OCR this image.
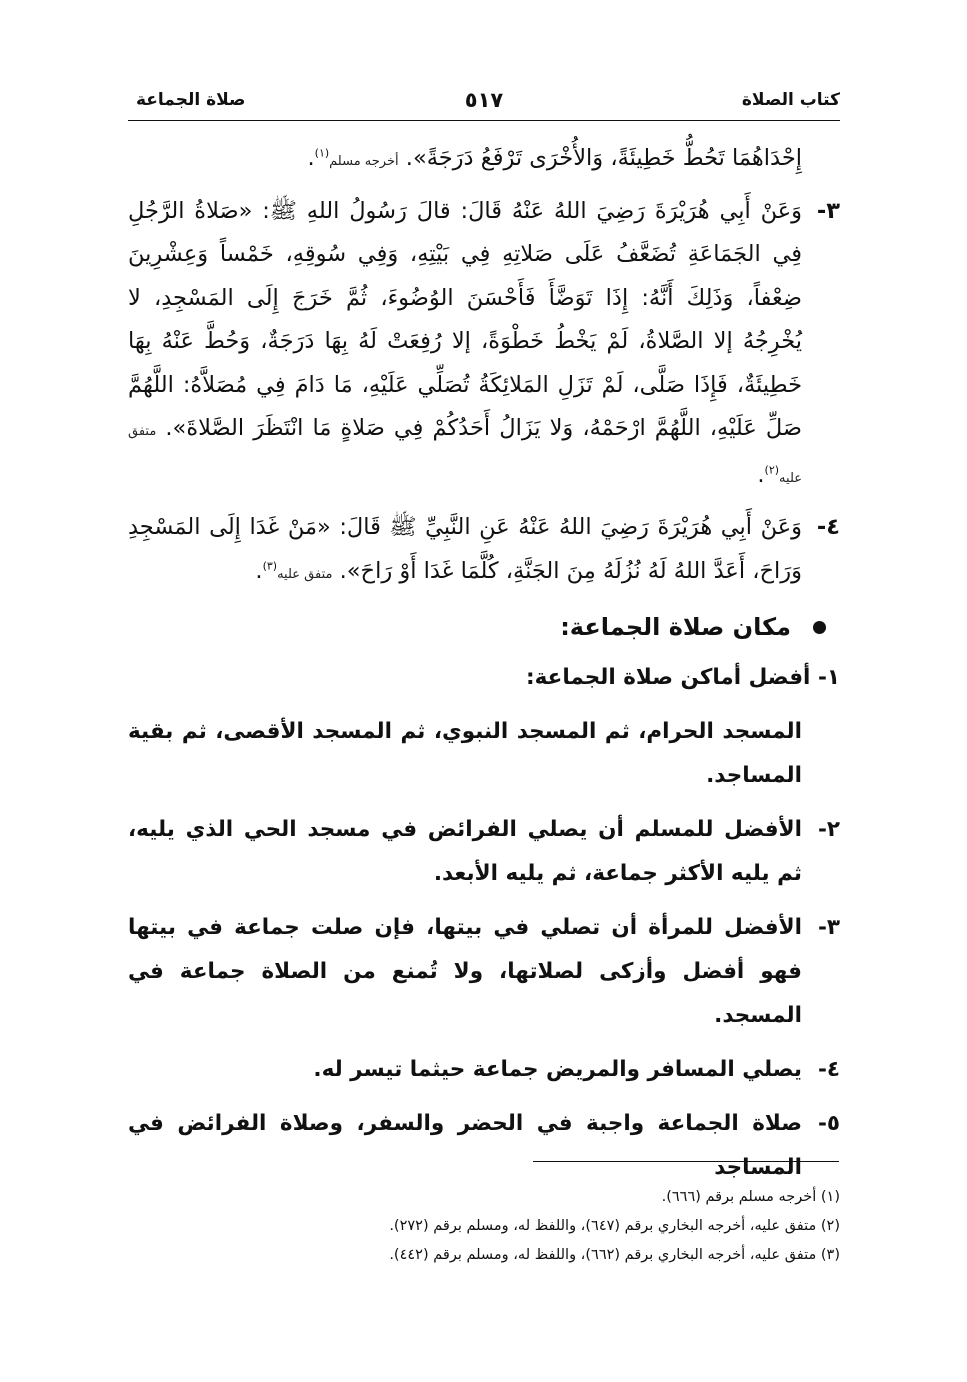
كتاب الصلاة
٥١٧
صلاة الجماعة

إِحْدَاهُمَا تَحُطُّ خَطِيئَةً، وَالأُخْرَى تَرْفَعُ دَرَجَةً». أخرجه مسلم$^{(١)}$.

٣-
وَعَنْ أَبِي هُرَيْرَةَ رَضِيَ اللهُ عَنْهُ قَالَ: قالَ رَسُولُ اللهِ ﷺ: «صَلاةُ الرَّجُلِ فِي الجَمَاعَةِ تُضَعَّفُ عَلَى صَلاتِهِ فِي بَيْتِهِ، وَفِي سُوقِهِ، خَمْساً وَعِشْرِينَ ضِعْفاً، وَذَلِكَ أَنَّهُ: إِذَا تَوَضَّأَ فَأَحْسَنَ الوُضُوءَ، ثُمَّ خَرَجَ إِلَى المَسْجِدِ، لا يُخْرِجُهُ إلا الصَّلاةُ، لَمْ يَخْطُ خَطْوَةً، إلا رُفِعَتْ لَهُ بِهَا دَرَجَةٌ، وَحُطَّ عَنْهُ بِهَا خَطِيئَةٌ، فَإِذَا صَلَّى، لَمْ تَزَلِ المَلائِكَةُ تُصَلِّي عَلَيْهِ، مَا دَامَ فِي مُصَلاَّهُ: اللَّهُمَّ صَلِّ عَلَيْهِ، اللَّهُمَّ ارْحَمْهُ، وَلا يَزَالُ أَحَدُكُمْ فِي صَلاةٍ مَا انْتَظَرَ الصَّلاةَ». متفق عليه$^{(٢)}$.

٤-
وَعَنْ أَبِي هُرَيْرَةَ رَضِيَ اللهُ عَنْهُ عَنِ النَّبِيِّ ﷺ قَالَ: «مَنْ غَدَا إِلَى المَسْجِدِ وَرَاحَ، أَعَدَّ اللهُ لَهُ نُزُلَهُ مِنَ الجَنَّةِ، كُلَّمَا غَدَا أَوْ رَاحَ». متفق عليه$^{(٣)}$.

مكان صلاة الجماعة:

١- أفضل أماكن صلاة الجماعة:

المسجد الحرام، ثم المسجد النبوي، ثم المسجد الأقصى، ثم بقية المساجد.

٢-
الأفضل للمسلم أن يصلي الفرائض في مسجد الحي الذي يليه، ثم يليه الأكثر جماعة، ثم يليه الأبعد.

٣-
الأفضل للمرأة أن تصلي في بيتها، فإن صلت جماعة في بيتها فهو أفضل وأزكى لصلاتها، ولا تُمنع من الصلاة جماعة في المسجد.

٤-
يصلي المسافر والمريض جماعة حيثما تيسر له.

٥-
صلاة الجماعة واجبة في الحضر والسفر، وصلاة الفرائض في المساجد

(١) أخرجه مسلم برقم (٦٦٦).

(٢) متفق عليه، أخرجه البخاري برقم (٦٤٧)، واللفظ له، ومسلم برقم (٢٧٢).

(٣) متفق عليه، أخرجه البخاري برقم (٦٦٢)، واللفظ له، ومسلم برقم (٤٤٢).
